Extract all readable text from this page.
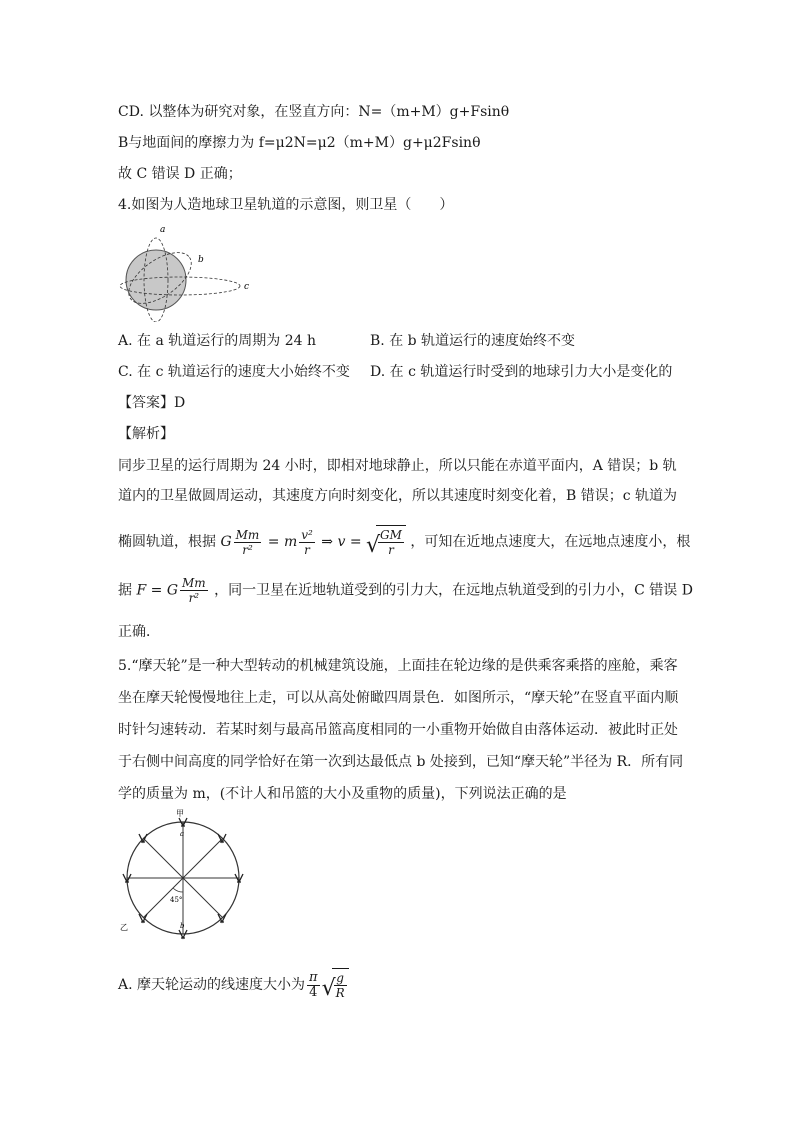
CD. 以整体为研究对象，在竖直方向：N=（m+M）g+Fsinθ
B与地面间的摩擦力为 f=μ2N=μ2（m+M）g+μ2Fsinθ
故 C 错误 D 正确；
4.如图为人造地球卫星轨道的示意图，则卫星（　　）
a
b
c
A. 在 a 轨道运行的周期为 24 h	B. 在 b 轨道运行的速度始终不变
C. 在 c 轨道运行的速度大小始终不变 D. 在 c 轨道运行时受到的地球引力大小是变化的
【答案】D
【解析】
同步卫星的运行周期为 24 小时，即相对地球静止，所以只能在赤道平面内，A 错误；b 轨
道内的卫星做圆周运动，其速度方向时刻变化，所以其速度时刻变化着，B 错误；c 轨道为
椭圆轨道，根据 G $\frac{Mm}{\text{r²}} = m \frac{\text{v²}}{r}$ ⇒ v = √
$\frac{GM}{r}$ ，可知在近地点速度大，在远地点速度小，根
据 F = G $\frac{Mm}{\text{r²}}$ ，同一卫星在近地轨道受到的引力大，在远地点轨道受到的引力小，C 错误 D
正确．
5.“摩天轮”是一种大型转动的机械建筑设施，上面挂在轮边缘的是供乘客乘搭的座舱，乘客
坐在摩天轮慢慢地往上走，可以从高处俯瞰四周景色．如图所示，“摩天轮”在竖直平面内顺
时针匀速转动．若某时刻与最高吊篮高度相同的一小重物开始做自由落体运动．被此时正处
于右侧中间高度的同学恰好在第一次到达最低点 b 处接到，已知“摩天轮”半径为 R．所有同
学的质量为 m，(不计人和吊篮的大小及重物的质量)，下列说法正确的是
甲
a
45°
b
乙
A. 摩天轮运动的线速度大小为 $\frac{\pi}{4}$ √
$\frac{g}{R}$
